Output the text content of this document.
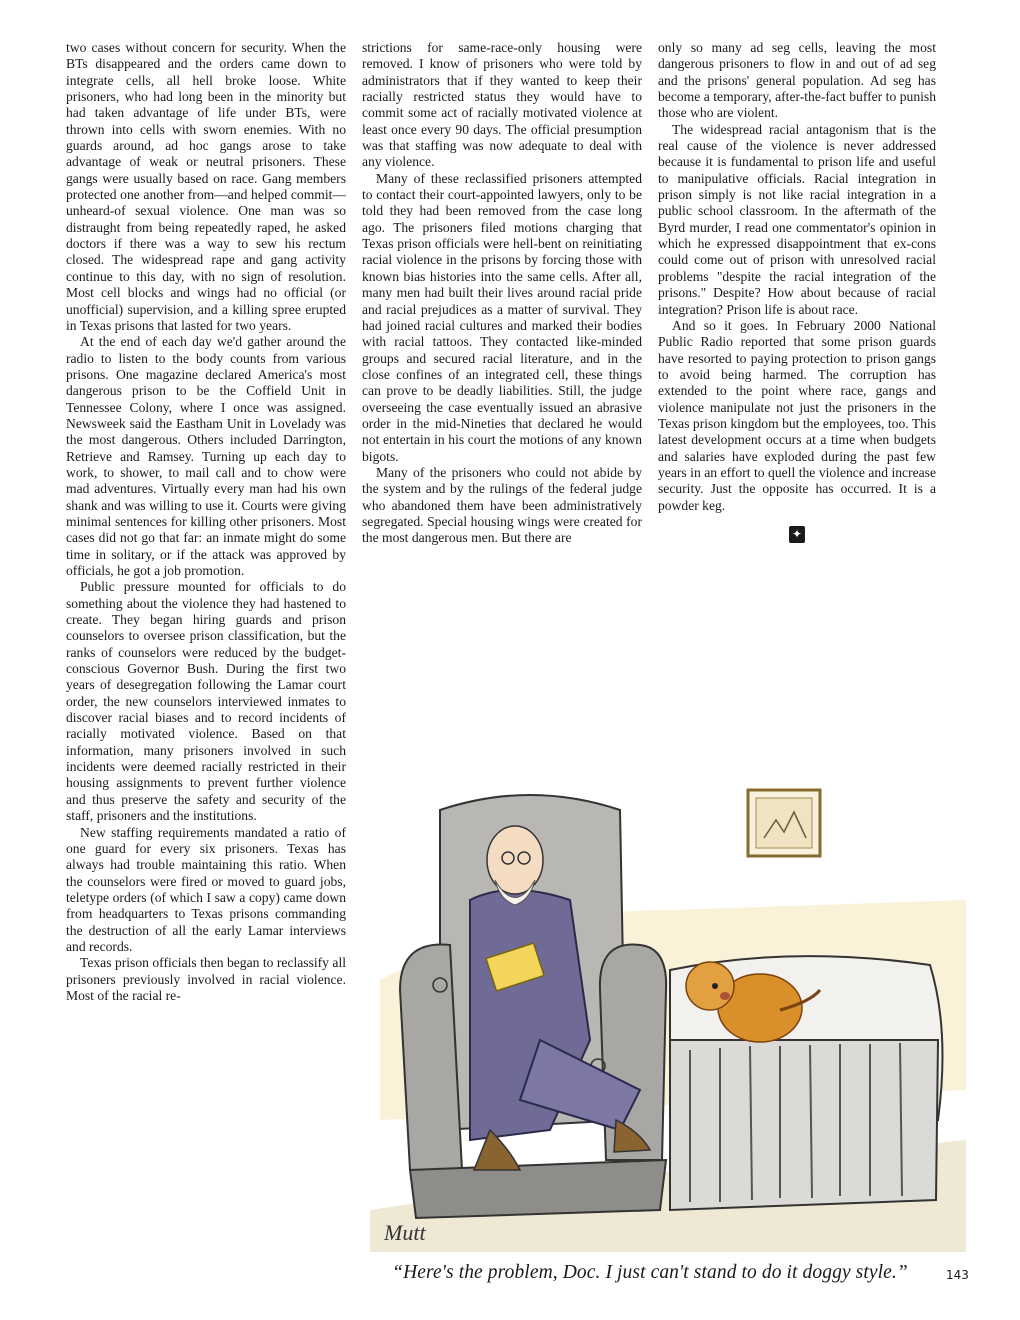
two cases without concern for security. When the BTs disappeared and the orders came down to integrate cells, all hell broke loose. White prisoners, who had long been in the minority but had taken advantage of life under BTs, were thrown into cells with sworn enemies. With no guards around, ad hoc gangs arose to take advantage of weak or neutral prisoners. These gangs were usually based on race. Gang members protected one another from—and helped commit—unheard-of sexual violence. One man was so distraught from being repeatedly raped, he asked doctors if there was a way to sew his rectum closed. The widespread rape and gang activity continue to this day, with no sign of resolution. Most cell blocks and wings had no official (or unofficial) supervision, and a killing spree erupted in Texas prisons that lasted for two years.

At the end of each day we'd gather around the radio to listen to the body counts from various prisons. One magazine declared America's most dangerous prison to be the Coffield Unit in Tennessee Colony, where I once was assigned. Newsweek said the Eastham Unit in Lovelady was the most dangerous. Others included Darrington, Retrieve and Ramsey. Turning up each day to work, to shower, to mail call and to chow were mad adventures. Virtually every man had his own shank and was willing to use it. Courts were giving minimal sentences for killing other prisoners. Most cases did not go that far: an inmate might do some time in solitary, or if the attack was approved by officials, he got a job promotion.

Public pressure mounted for officials to do something about the violence they had hastened to create. They began hiring guards and prison counselors to oversee prison classification, but the ranks of counselors were reduced by the budget-conscious Governor Bush. During the first two years of desegregation following the Lamar court order, the new counselors interviewed inmates to discover racial biases and to record incidents of racially motivated violence. Based on that information, many prisoners involved in such incidents were deemed racially restricted in their housing assignments to prevent further violence and thus preserve the safety and security of the staff, prisoners and the institutions.

New staffing requirements mandated a ratio of one guard for every six prisoners. Texas has always had trouble maintaining this ratio. When the counselors were fired or moved to guard jobs, teletype orders (of which I saw a copy) came down from headquarters to Texas prisons commanding the destruction of all the early Lamar interviews and records.

Texas prison officials then began to reclassify all prisoners previously involved in racial violence. Most of the racial re-

strictions for same-race-only housing were removed. I know of prisoners who were told by administrators that if they wanted to keep their racially restricted status they would have to commit some act of racially motivated violence at least once every 90 days. The official presumption was that staffing was now adequate to deal with any violence.

Many of these reclassified prisoners attempted to contact their court-appointed lawyers, only to be told they had been removed from the case long ago. The prisoners filed motions charging that Texas prison officials were hell-bent on reinitiating racial violence in the prisons by forcing those with known bias histories into the same cells. After all, many men had built their lives around racial pride and racial prejudices as a matter of survival. They had joined racial cultures and marked their bodies with racial tattoos. They contacted like-minded groups and secured racial literature, and in the close confines of an integrated cell, these things can prove to be deadly liabilities. Still, the judge overseeing the case eventually issued an abrasive order in the mid-Nineties that declared he would not entertain in his court the motions of any known bigots.

Many of the prisoners who could not abide by the system and by the rulings of the federal judge who abandoned them have been administratively segregated. Special housing wings were created for the most dangerous men. But there are

only so many ad seg cells, leaving the most dangerous prisoners to flow in and out of ad seg and the prisons' general population. Ad seg has become a temporary, after-the-fact buffer to punish those who are violent.

The widespread racial antagonism that is the real cause of the violence is never addressed because it is fundamental to prison life and useful to manipulative officials. Racial integration in prison simply is not like racial integration in a public school classroom. In the aftermath of the Byrd murder, I read one commentator's opinion in which he expressed disappointment that ex-cons could come out of prison with unresolved racial problems "despite the racial integration of the prisons." Despite? How about because of racial integration? Prison life is about race.

And so it goes. In February 2000 National Public Radio reported that some prison guards have resorted to paying protection to prison gangs to avoid being harmed. The corruption has extended to the point where race, gangs and violence manipulate not just the prisoners in the Texas prison kingdom but the employees, too. This latest development occurs at a time when budgets and salaries have exploded during the past few years in an effort to quell the violence and increase security. Just the opposite has occurred. It is a powder keg.

✦
Mutt
“Here's the problem, Doc. I just can't stand to do it doggy style.”	143
